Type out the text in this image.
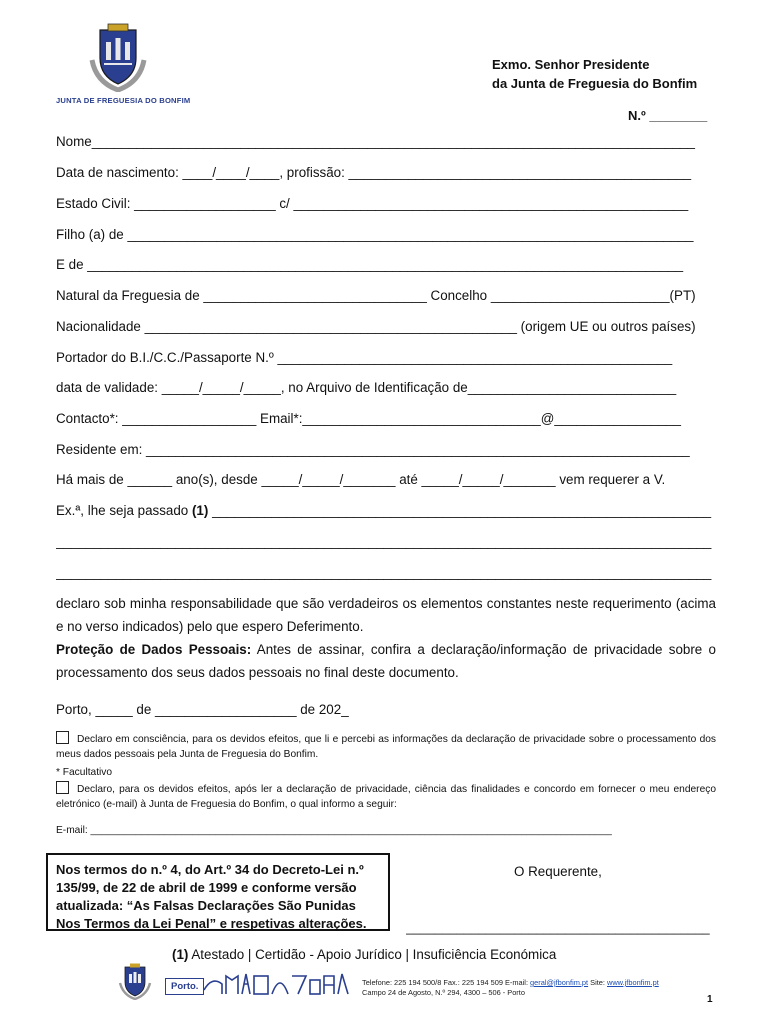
JUNTA DE FREGUESIA DO BONFIM
Exmo. Senhor Presidente
da Junta de Freguesia do Bonfim
N.º ________
Nome_________________________________________________________________________________
Data de nascimento: ____/____/____, profissão: ______________________________________________
Estado Civil: ___________________ c/ _____________________________________________________
Filho (a) de ____________________________________________________________________________
E de ________________________________________________________________________________
Natural da Freguesia de ______________________________ Concelho ________________________(PT)
Nacionalidade __________________________________________________ (origem UE ou outros países)
Portador do B.I./C.C./Passaporte N.º _____________________________________________________
data de validade: _____/_____/_____, no Arquivo de Identificação de____________________________
Contacto*: __________________ Email*:________________________________@_________________
Residente em: _________________________________________________________________________
Há mais de ______ ano(s), desde _____/_____/_______ até _____/_____/_______ vem requerer a V.
Ex.ª, lhe seja passado (1) ___________________________________________________________________
________________________________________________________________________________________
________________________________________________________________________________________
declaro sob minha responsabilidade que são verdadeiros os elementos constantes neste requerimento (acima e no verso indicados) pelo que espero Deferimento.
Proteção de Dados Pessoais: Antes de assinar, confira a declaração/informação de privacidade sobre o processamento dos seus dados pessoais no final deste documento.
Porto, _____ de ___________________ de 202_
Declaro em consciência, para os devidos efeitos, que li e percebi as informações da declaração de privacidade sobre o processamento dos meus dados pessoais pela Junta de Freguesia do Bonfim.
* Facultativo
Declaro, para os devidos efeitos, após ler a declaração de privacidade, ciência das finalidades e concordo em fornecer o meu endereço eletrónico (e-mail) à Junta de Freguesia do Bonfim, o qual informo a seguir:
E-mail: ____________________________________________________________________________________________
Nos termos do n.º 4, do Art.º 34 do Decreto-Lei n.º 135/99, de 22 de abril de 1999 e conforme versão atualizada: “As Falsas Declarações São Punidas Nos Termos da Lei Penal” e respetivas alterações.
O Requerente,
__________________________________________
(1) Atestado | Certidão - Apoio Jurídico | Insuficiência Económica
Porto.	Telefone: 225 194 500/8 Fax.: 225 194 509 E-mail: geral@jfbonfim.pt Site: www.jfbonfim.pt
Campo 24 de Agosto, N.º 294, 4300 – 506 - Porto
1
